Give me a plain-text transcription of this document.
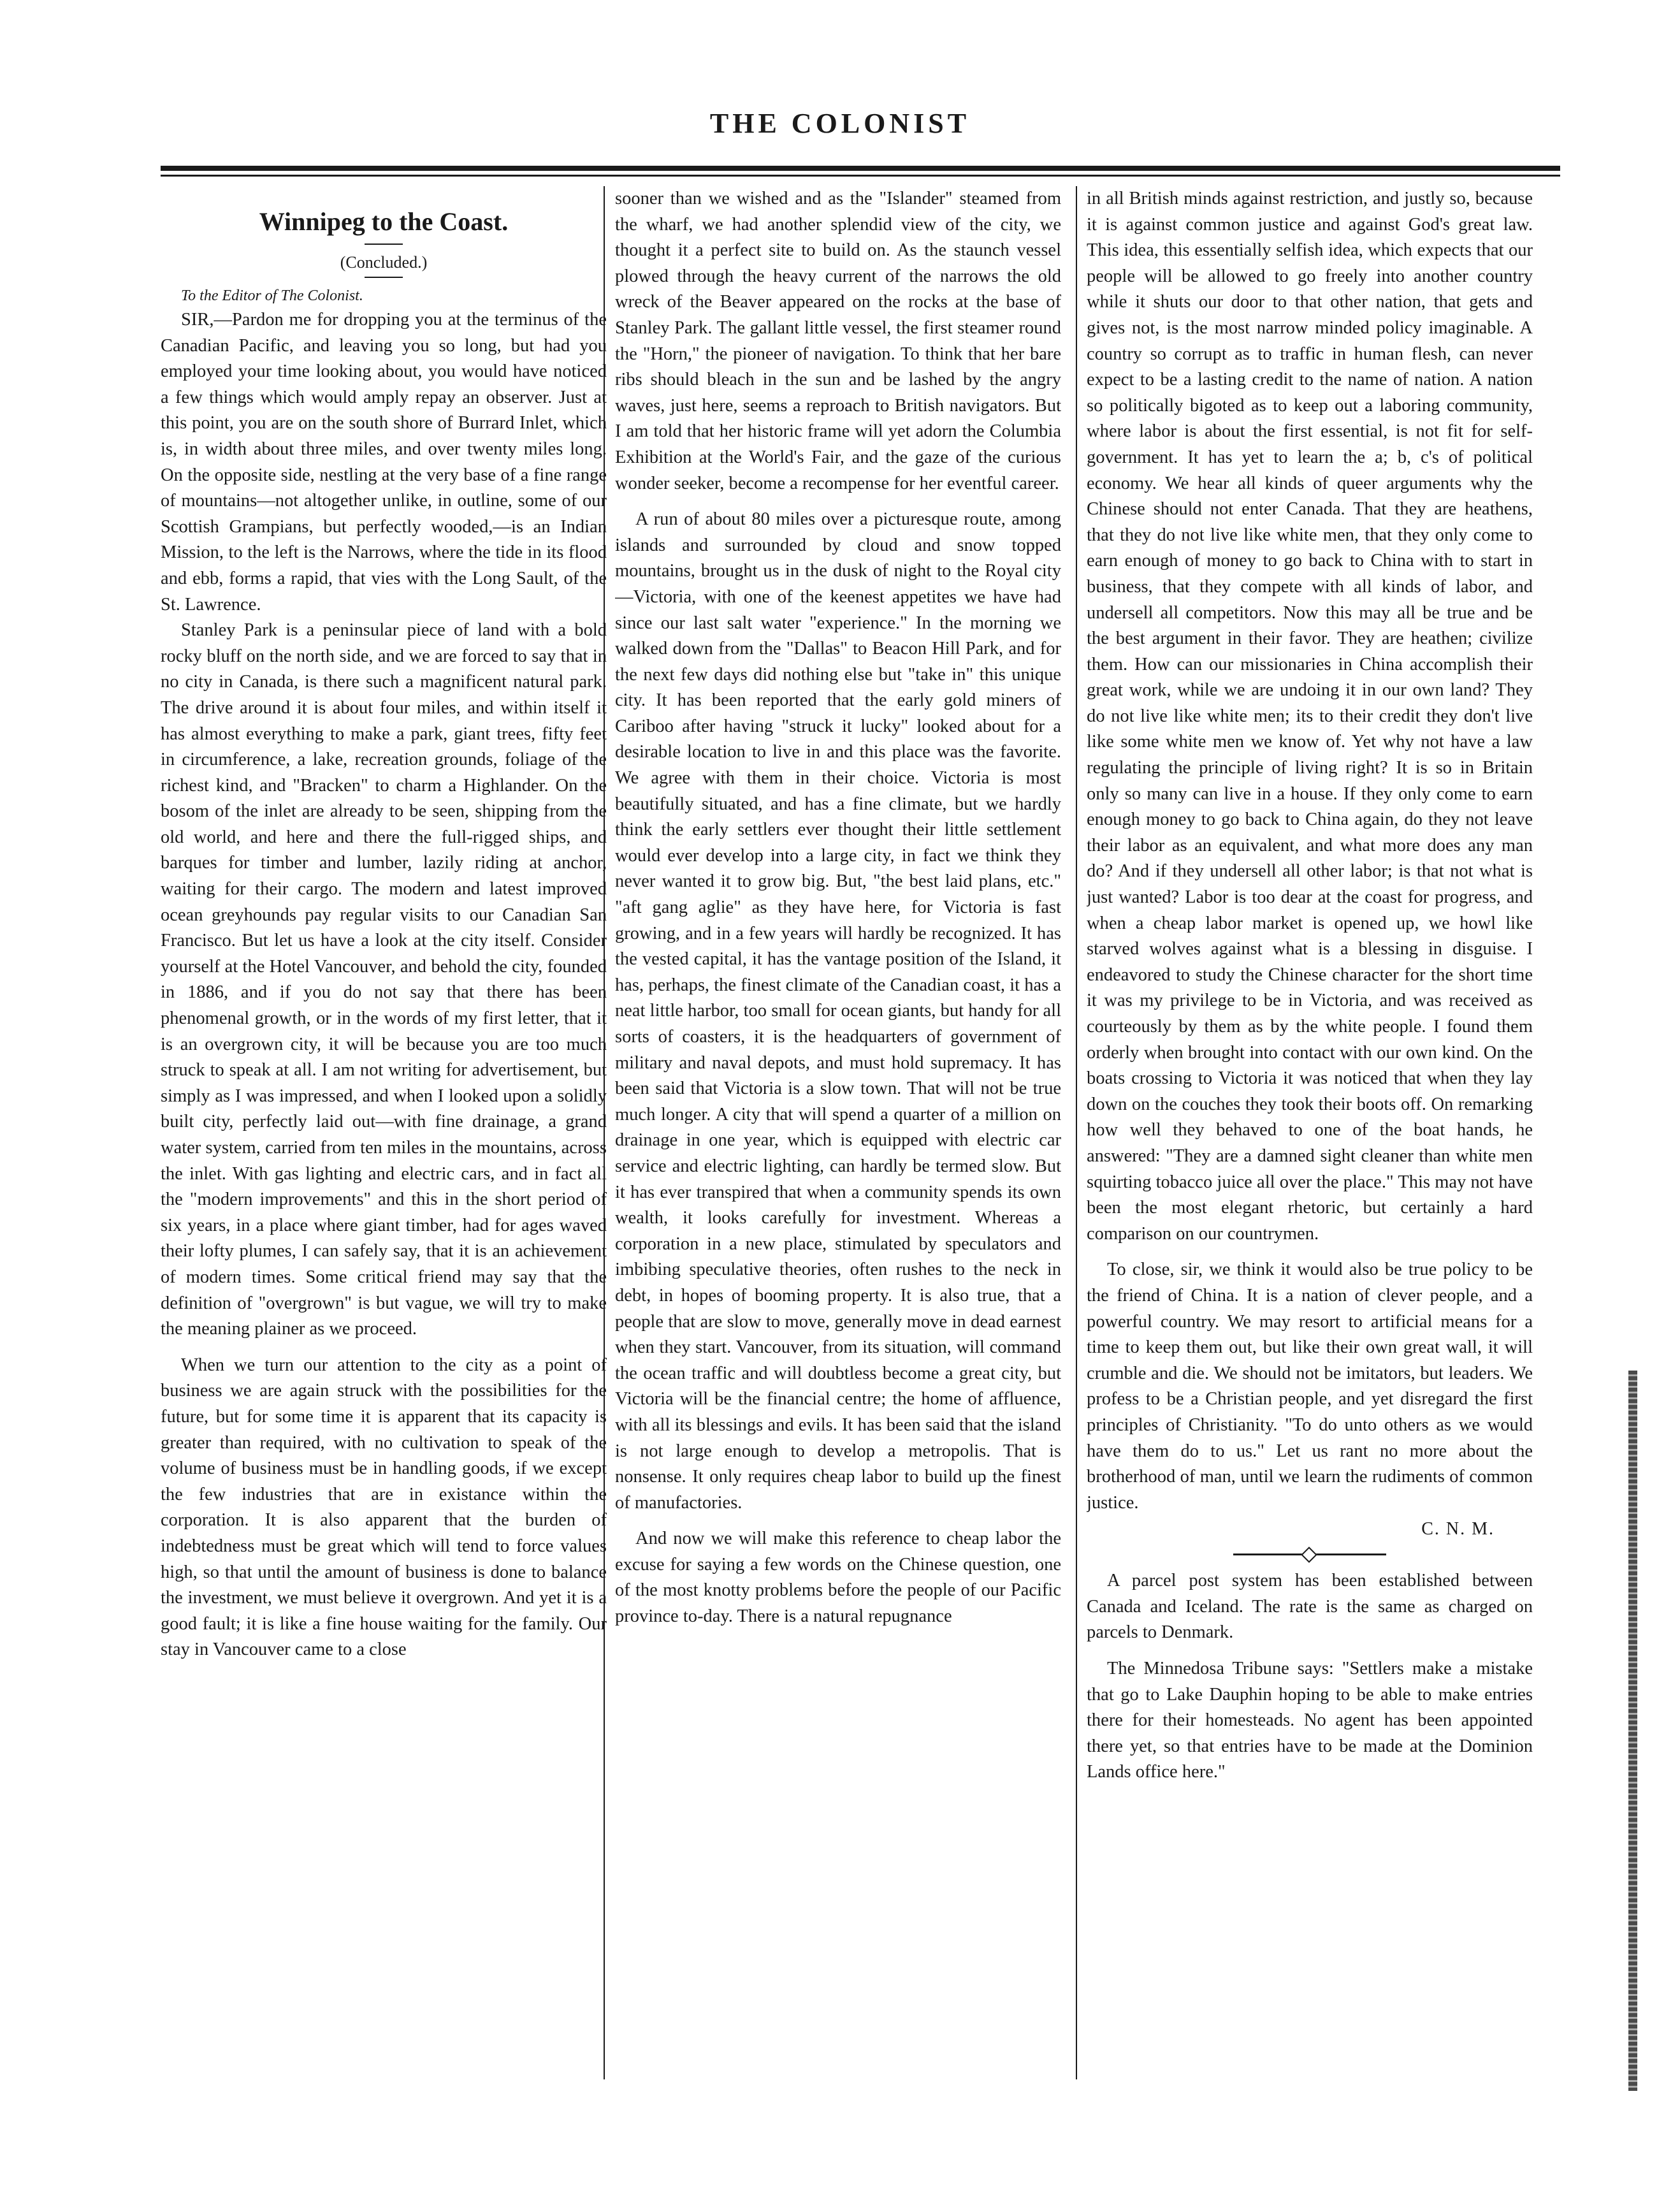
THE COLONIST
Winnipeg to the Coast.
(Concluded.)

To the Editor of The Colonist.

SIR,—Pardon me for dropping you at the terminus of the Canadian Pacific, and leaving you so long, but had you employed your time looking about, you would have noticed a few things which would amply repay an observer. Just at this point, you are on the south shore of Burrard Inlet, which is, in width about three miles, and over twenty miles long. On the opposite side, nestling at the very base of a fine range of mountains—not altogether unlike, in outline, some of our Scottish Grampians, but perfectly wooded,—is an Indian Mission, to the left is the Narrows, where the tide in its flood and ebb, forms a rapid, that vies with the Long Sault, of the St. Lawrence.

Stanley Park is a peninsular piece of land with a bold rocky bluff on the north side, and we are forced to say that in no city in Canada, is there such a magnificent natural park. The drive around it is about four miles, and within itself it has almost everything to make a park, giant trees, fifty feet in circumference, a lake, recreation grounds, foliage of the richest kind, and "Bracken" to charm a Highlander. On the bosom of the inlet are already to be seen, shipping from the old world, and here and there the full-rigged ships, and barques for timber and lumber, lazily riding at anchor, waiting for their cargo. The modern and latest improved ocean greyhounds pay regular visits to our Canadian San Francisco. But let us have a look at the city itself. Consider yourself at the Hotel Vancouver, and behold the city, founded in 1886, and if you do not say that there has been phenomenal growth, or in the words of my first letter, that it is an overgrown city, it will be because you are too much struck to speak at all. I am not writing for advertisement, but simply as I was impressed, and when I looked upon a solidly built city, perfectly laid out—with fine drainage, a grand water system, carried from ten miles in the mountains, across the inlet. With gas lighting and electric cars, and in fact all the "modern improvements" and this in the short period of six years, in a place where giant timber, had for ages waved their lofty plumes, I can safely say, that it is an achievement of modern times. Some critical friend may say that the definition of "overgrown" is but vague, we will try to make the meaning plainer as we proceed.

When we turn our attention to the city as a point of business we are again struck with the possibilities for the future, but for some time it is apparent that its capacity is greater than required, with no cultivation to speak of the volume of business must be in handling goods, if we except the few industries that are in existance within the corporation. It is also apparent that the burden of indebtedness must be great which will tend to force values high, so that until the amount of business is done to balance the investment, we must believe it overgrown. And yet it is a good fault; it is like a fine house waiting for the family. Our stay in Vancouver came to a close

sooner than we wished and as the "Islander" steamed from the wharf, we had another splendid view of the city, we thought it a perfect site to build on. As the staunch vessel plowed through the heavy current of the narrows the old wreck of the Beaver appeared on the rocks at the base of Stanley Park. The gallant little vessel, the first steamer round the "Horn," the pioneer of navigation. To think that her bare ribs should bleach in the sun and be lashed by the angry waves, just here, seems a reproach to British navigators. But I am told that her historic frame will yet adorn the Columbia Exhibition at the World's Fair, and the gaze of the curious wonder seeker, become a recompense for her eventful career.

A run of about 80 miles over a picturesque route, among islands and surrounded by cloud and snow topped mountains, brought us in the dusk of night to the Royal city—Victoria, with one of the keenest appetites we have had since our last salt water "experience." In the morning we walked down from the "Dallas" to Beacon Hill Park, and for the next few days did nothing else but "take in" this unique city. It has been reported that the early gold miners of Cariboo after having "struck it lucky" looked about for a desirable location to live in and this place was the favorite. We agree with them in their choice. Victoria is most beautifully situated, and has a fine climate, but we hardly think the early settlers ever thought their little settlement would ever develop into a large city, in fact we think they never wanted it to grow big. But, "the best laid plans, etc." "aft gang aglie" as they have here, for Victoria is fast growing, and in a few years will hardly be recognized. It has the vested capital, it has the vantage position of the Island, it has, perhaps, the finest climate of the Canadian coast, it has a neat little harbor, too small for ocean giants, but handy for all sorts of coasters, it is the headquarters of government of military and naval depots, and must hold supremacy. It has been said that Victoria is a slow town. That will not be true much longer. A city that will spend a quarter of a million on drainage in one year, which is equipped with electric car service and electric lighting, can hardly be termed slow. But it has ever transpired that when a community spends its own wealth, it looks carefully for investment. Whereas a corporation in a new place, stimulated by speculators and imbibing speculative theories, often rushes to the neck in debt, in hopes of booming property. It is also true, that a people that are slow to move, generally move in dead earnest when they start. Vancouver, from its situation, will command the ocean traffic and will doubtless become a great city, but Victoria will be the financial centre; the home of affluence, with all its blessings and evils. It has been said that the island is not large enough to develop a metropolis. That is nonsense. It only requires cheap labor to build up the finest of manufactories.

And now we will make this reference to cheap labor the excuse for saying a few words on the Chinese question, one of the most knotty problems before the people of our Pacific province to-day. There is a natural repugnance

in all British minds against restriction, and justly so, because it is against common justice and against God's great law. This idea, this essentially selfish idea, which expects that our people will be allowed to go freely into another country while it shuts our door to that other nation, that gets and gives not, is the most narrow minded policy imaginable. A country so corrupt as to traffic in human flesh, can never expect to be a lasting credit to the name of nation. A nation so politically bigoted as to keep out a laboring community, where labor is about the first essential, is not fit for self-government. It has yet to learn the a; b, c's of political economy. We hear all kinds of queer arguments why the Chinese should not enter Canada. That they are heathens, that they do not live like white men, that they only come to earn enough of money to go back to China with to start in business, that they compete with all kinds of labor, and undersell all competitors. Now this may all be true and be the best argument in their favor. They are heathen; civilize them. How can our missionaries in China accomplish their great work, while we are undoing it in our own land? They do not live like white men; its to their credit they don't live like some white men we know of. Yet why not have a law regulating the principle of living right? It is so in Britain only so many can live in a house. If they only come to earn enough money to go back to China again, do they not leave their labor as an equivalent, and what more does any man do? And if they undersell all other labor; is that not what is just wanted? Labor is too dear at the coast for progress, and when a cheap labor market is opened up, we howl like starved wolves against what is a blessing in disguise. I endeavored to study the Chinese character for the short time it was my privilege to be in Victoria, and was received as courteously by them as by the white people. I found them orderly when brought into contact with our own kind. On the boats crossing to Victoria it was noticed that when they lay down on the couches they took their boots off. On remarking how well they behaved to one of the boat hands, he answered: "They are a damned sight cleaner than white men squirting tobacco juice all over the place." This may not have been the most elegant rhetoric, but certainly a hard comparison on our countrymen.

To close, sir, we think it would also be true policy to be the friend of China. It is a nation of clever people, and a powerful country. We may resort to artificial means for a time to keep them out, but like their own great wall, it will crumble and die. We should not be imitators, but leaders. We profess to be a Christian people, and yet disregard the first principles of Christianity. "To do unto others as we would have them do to us." Let us rant no more about the brotherhood of man, until we learn the rudiments of common justice.

C. N. M.

A parcel post system has been established between Canada and Iceland. The rate is the same as charged on parcels to Denmark.

The Minnedosa Tribune says: "Settlers make a mistake that go to Lake Dauphin hoping to be able to make entries there for their homesteads. No agent has been appointed there yet, so that entries have to be made at the Dominion Lands office here."
